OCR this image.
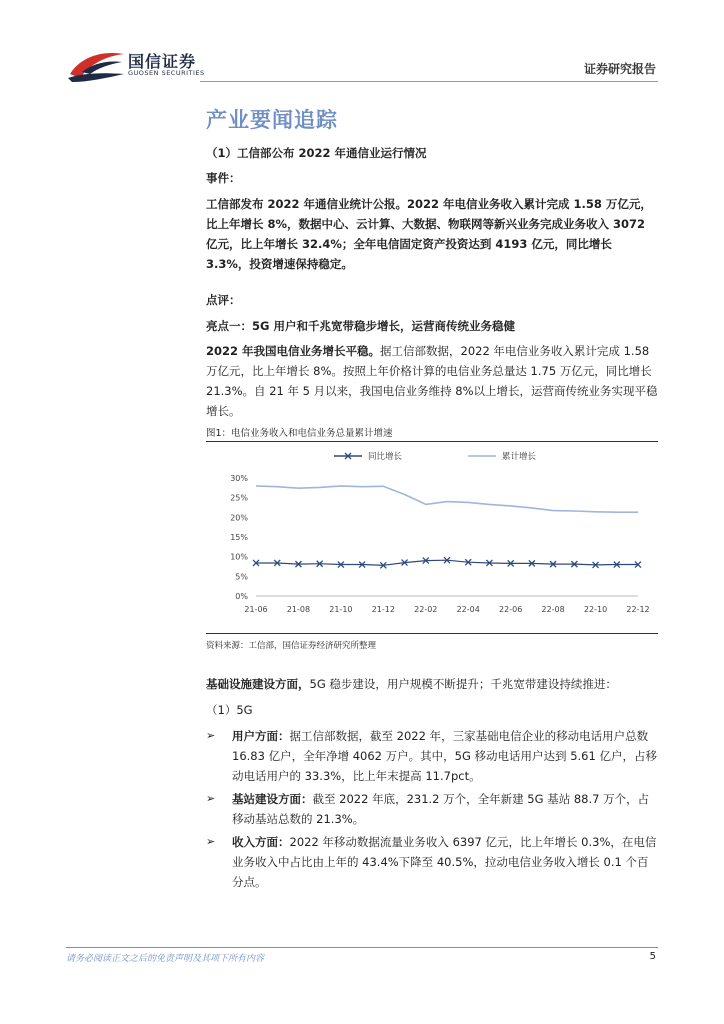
国信证券
GUOSEN SECURITIES	证券研究报告
产业要闻追踪

（1）工信部公布 2022 年通信业运行情况

事件：

工信部发布 2022 年通信业统计公报。2022 年电信业务收入累计完成 1.58 万亿元，比上年增长 8%，数据中心、云计算、大数据、物联网等新兴业务完成业务收入 3072 亿元，比上年增长 32.4%；全年电信固定资产投资达到 4193 亿元，同比增长 3.3%，投资增速保持稳定。

点评：

亮点一：5G 用户和千兆宽带稳步增长，运营商传统业务稳健

2022 年我国电信业务增长平稳。据工信部数据，2022 年电信业务收入累计完成 1.58 万亿元，比上年增长 8%。按照上年价格计算的电信业务总量达 1.75 万亿元，同比增长 21.3%。自 21 年 5 月以来，我国电信业务维持 8%以上增长，运营商传统业务实现平稳增长。

图1：电信业务收入和电信业务总量累计增速
0%
5%
10%
15%
20%
25%
30%
21-06 21-08 21-10 21-12 22-02 22-04 22-06 22-08 22-10 22-12
同比增长	累计增长
资料来源：工信部，国信证券经济研究所整理

基础设施建设方面，5G 稳步建设，用户规模不断提升；千兆宽带建设持续推进：

（1）5G

➢ 用户方面：据工信部数据，截至 2022 年，三家基础电信企业的移动电话用户总数 16.83 亿户，全年净增 4062 万户。其中，5G 移动电话用户达到 5.61 亿户，占移动电话用户的 33.3%，比上年末提高 11.7pct。

➢ 基站建设方面：截至 2022 年底，231.2 万个，全年新建 5G 基站 88.7 万个，占移动基站总数的 21.3%。

➢ 收入方面：2022 年移动数据流量业务收入 6397 亿元，比上年增长 0.3%，在电信业务收入中占比由上年的 43.4%下降至 40.5%，拉动电信业务收入增长 0.1 个百分点。

请务必阅读正文之后的免责声明及其项下所有内容	5
